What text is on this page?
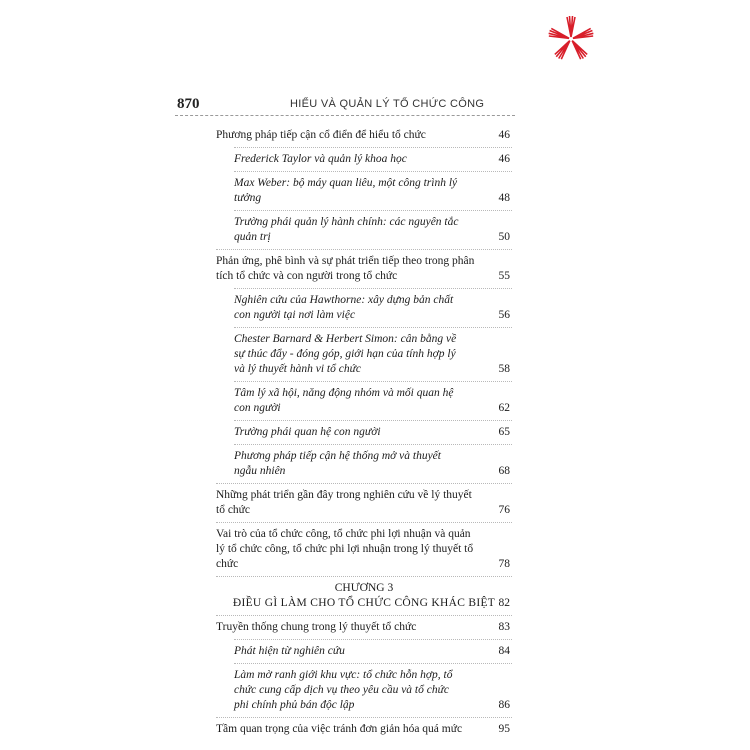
870	HIỂU VÀ QUẢN LÝ TỔ CHỨC CÔNG
Phương pháp tiếp cận cổ điển để hiểu tổ chức	46
Frederick Taylor và quản lý khoa học	46
Max Weber: bộ máy quan liêu, một công trình lý tưởng	48
Trường phái quản lý hành chính: các nguyên tắc quản trị	50
Phản ứng, phê bình và sự phát triển tiếp theo trong phân tích tổ chức và con người trong tổ chức	55
Nghiên cứu của Hawthorne: xây dựng bản chất con người tại nơi làm việc	56
Chester Barnard & Herbert Simon: cân bằng về sự thúc đẩy - đóng góp, giới hạn của tính hợp lý và lý thuyết hành vi tổ chức	58
Tâm lý xã hội, năng động nhóm và mối quan hệ con người	62
Trường phái quan hệ con người	65
Phương pháp tiếp cận hệ thống mở và thuyết ngẫu nhiên	68
Những phát triển gần đây trong nghiên cứu về lý thuyết tổ chức	76
Vai trò của tổ chức công, tổ chức phi lợi nhuận và quản lý tổ chức công, tổ chức phi lợi nhuận trong lý thuyết tổ chức	78
CHƯƠNG 3
ĐIỀU GÌ LÀM CHO TỔ CHỨC CÔNG KHÁC BIỆT 82
Truyền thống chung trong lý thuyết tổ chức	83
Phát hiện từ nghiên cứu	84
Làm mờ ranh giới khu vực: tổ chức hỗn hợp, tổ chức cung cấp dịch vụ theo yêu cầu và tổ chức phi chính phủ bán độc lập	86
Tầm quan trọng của việc tránh đơn giản hóa quá mức	95
